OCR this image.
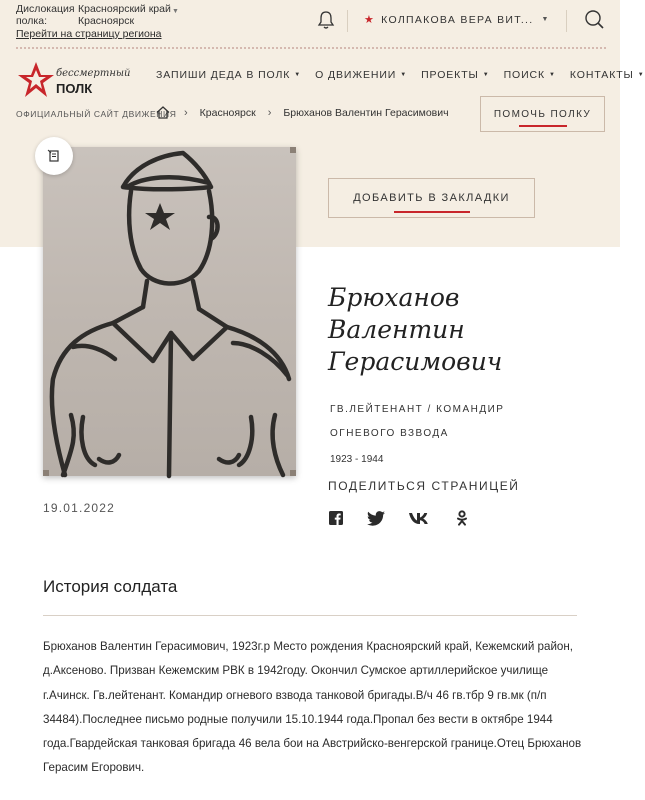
Дислокация Красноярский край
полка:	Красноярск
▼
Перейти на страницу региона
★ КОЛПАКОВА ВЕРА ВИТ... ▼
бессмертный
ПОЛК
ЗАПИШИ ДЕДА В ПОЛК ▼ О ДВИЖЕНИИ ▼ ПРОЕКТЫ ▼ ПОИСК ▼ КОНТАКТЫ ▼
ОФИЦИАЛЬНЫЙ САЙТ ДВИЖЕНИЯ › Красноярск › Брюханов Валентин Герасимович	ПОМОЧЬ ПОЛКУ
19.01.2022
ДОБАВИТЬ В ЗАКЛАДКИ
Брюханов
Валентин
Герасимович
ГВ.ЛЕЙТЕНАНТ / КОМАНДИР
ОГНЕВОГО ВЗВОДА
1923 - 1944
ПОДЕЛИТЬСЯ СТРАНИЦЕЙ
История солдата

Брюханов Валентин Герасимович, 1923г.р Место рождения Красноярский край, Кежемский район, д.Аксеново. Призван Кежемским РВК в 1942году. Окончил Сумское артиллерийское училище г.Ачинск. Гв.лейтенант. Командир огневого взвода танковой бригады.В/ч 46 гв.тбр 9 гв.мк (п/п 34484).Последнее письмо родные получили 15.10.1944 года.Пропал без вести в октябре 1944 года.Гвардейская танковая бригада 46 вела бои на Австрийско-венгерской границе.Отец Брюханов Герасим Егорович.
